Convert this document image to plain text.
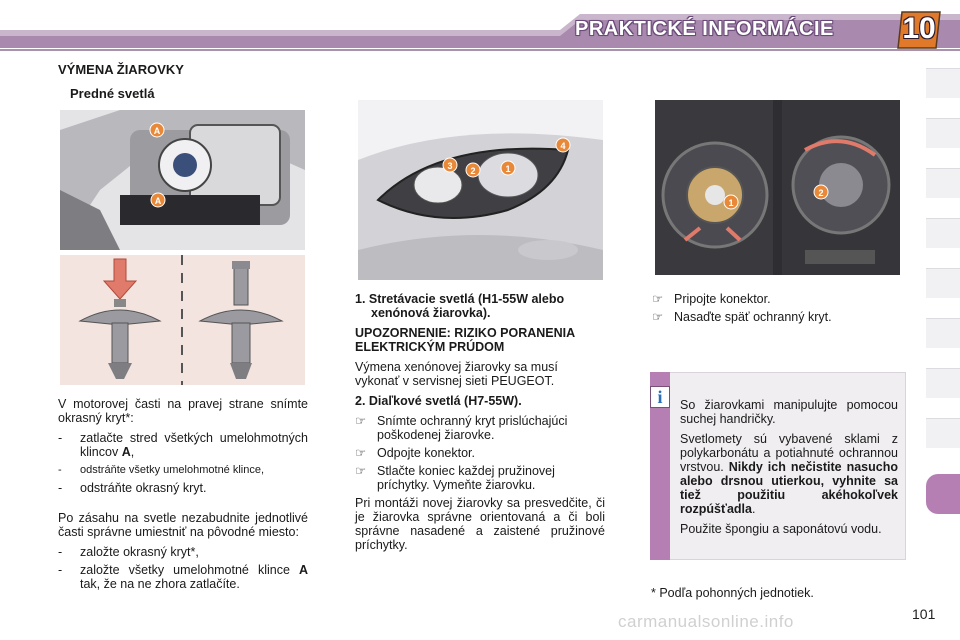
PRAKTICKÉ INFORMÁCIE 10
VÝMENA ŽIAROVKY
Predné svetlá
A
A
1
2
3
4
1
2

V motorovej časti na pravej strane snímte okrasný kryt*:

- zatlačte stred všetkých umelohmotných klincov A,
- odstráňte všetky umelohmotné klince,
- odstráňte okrasný kryt.

Po zásahu na svetle nezabudnite jednotlivé časti správne umiestniť na pôvodné miesto:

- založte okrasný kryt*,
- založte všetky umelohmotné klince A tak, že na ne zhora zatlačíte.

1. Stretávacie svetlá (H1-55W alebo xenónová žiarovka).

UPOZORNENIE: RIZIKO PORANENIA ELEKTRICKÝM PRÚDOM

Výmena xenónovej žiarovky sa musí vykonať v servisnej sieti PEUGEOT.

2. Diaľkové svetlá (H7-55W).

☞ Snímte ochranný kryt prislúchajúci poškodenej žiarovke.
☞ Odpojte konektor.
☞ Stlačte koniec každej pružinovej príchytky. Vymeňte žiarovku.

Pri montáži novej žiarovky sa presvedčite, či je žiarovka správne orientovaná a či boli správne nasadené a zaistené pružinové príchytky.

☞ Pripojte konektor.
☞ Nasaďte späť ochranný kryt.
i	So žiarovkami manipulujte pomocou suchej handričky.

Svetlomety sú vybavené sklami z polykarbonátu a potiahnuté ochrannou vrstvou. Nikdy ich nečistite nasucho alebo drsnou utierkou, vyhnite sa tiež použitiu akéhokoľvek rozpúšťadla.

Použite špongiu a saponátovú vodu.

* Podľa pohonných jednotiek.
carmanualsonline.info	101
